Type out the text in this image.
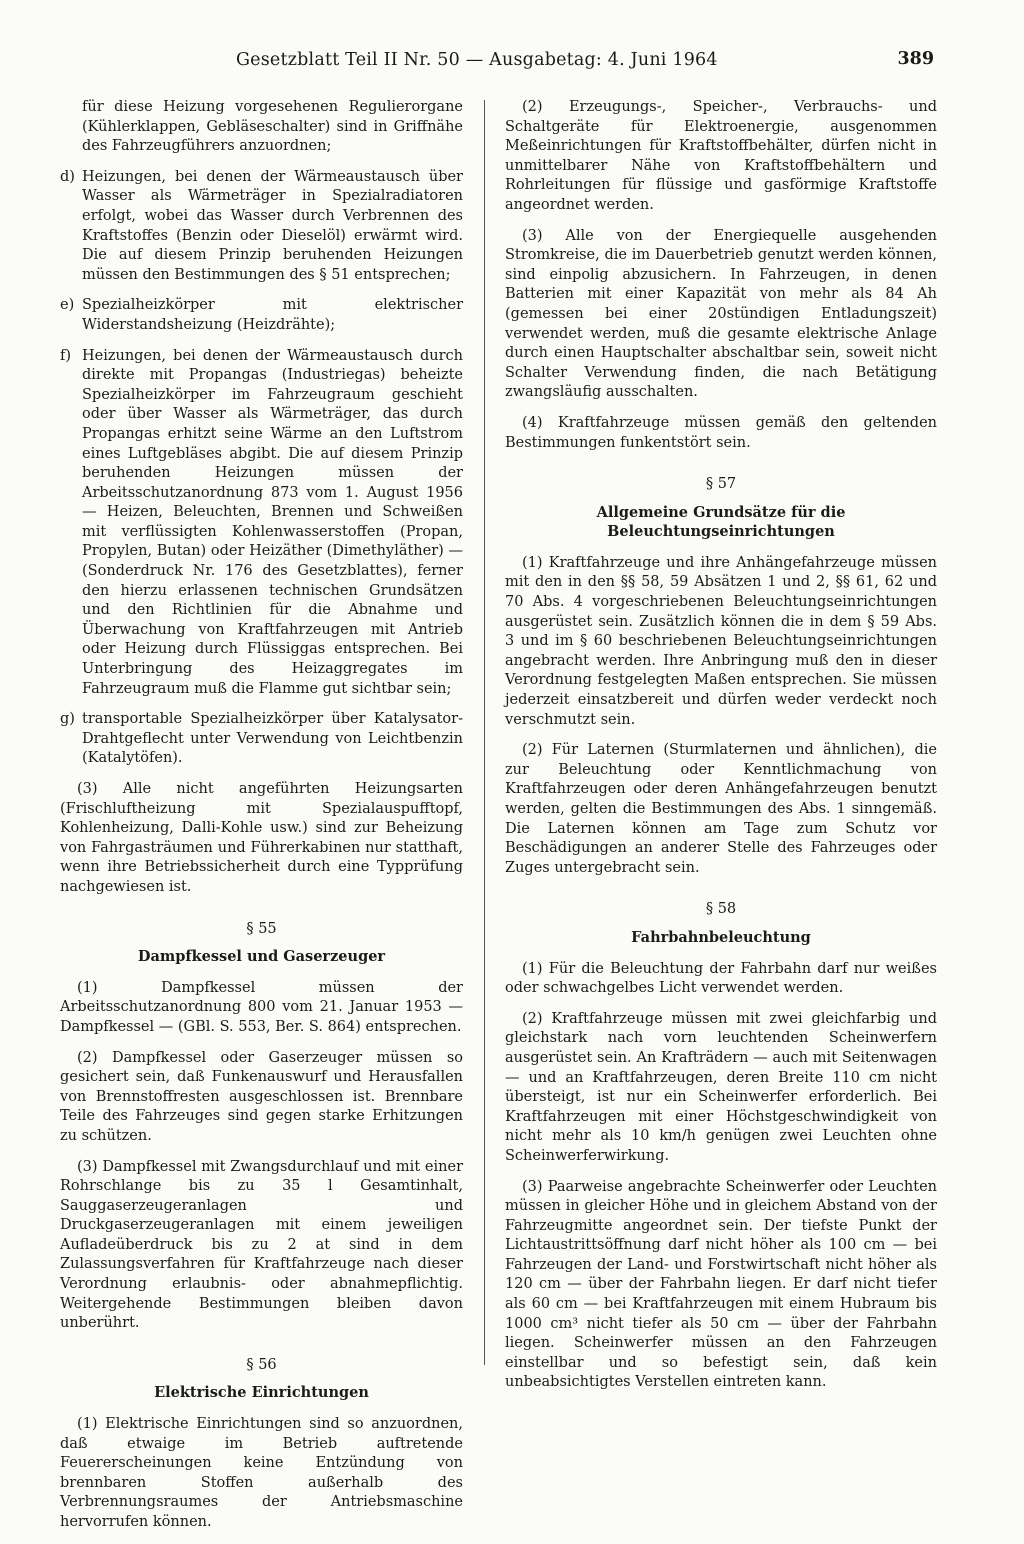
Gesetzblatt Teil II Nr. 50 — Ausgabetag: 4. Juni 1964	389

für diese Heizung vorgesehenen Regulierorgane (Kühlerklappen, Gebläseschalter) sind in Griffnähe des Fahrzeugführers anzuordnen;

d) Heizungen, bei denen der Wärmeaustausch über Wasser als Wärmeträger in Spezialradiatoren erfolgt, wobei das Wasser durch Verbrennen des Kraftstoffes (Benzin oder Dieselöl) erwärmt wird. Die auf diesem Prinzip beruhenden Heizungen müssen den Bestimmungen des § 51 entsprechen;
e) Spezialheizkörper mit elektrischer Widerstandsheizung (Heizdrähte);
f) Heizungen, bei denen der Wärmeaustausch durch direkte mit Propangas (Industriegas) beheizte Spezialheizkörper im Fahrzeugraum geschieht oder über Wasser als Wärmeträger, das durch Propangas erhitzt seine Wärme an den Luftstrom eines Luftgebläses abgibt. Die auf diesem Prinzip beruhenden Heizungen müssen der Arbeitsschutzanordnung 873 vom 1. August 1956 — Heizen, Beleuchten, Brennen und Schweißen mit verflüssigten Kohlenwasserstoffen (Propan, Propylen, Butan) oder Heizäther (Dimethyläther) — (Sonderdruck Nr. 176 des Gesetzblattes), ferner den hierzu erlassenen technischen Grundsätzen und den Richtlinien für die Abnahme und Überwachung von Kraftfahrzeugen mit Antrieb oder Heizung durch Flüssiggas entsprechen. Bei Unterbringung des Heizaggregates im Fahrzeugraum muß die Flamme gut sichtbar sein;
g) transportable Spezialheizkörper über Katalysator-Drahtgeflecht unter Verwendung von Leichtbenzin (Katalytöfen).

(3) Alle nicht angeführten Heizungsarten (Frischluftheizung mit Spezialauspufftopf, Kohlenheizung, Dalli-Kohle usw.) sind zur Beheizung von Fahrgasträumen und Führerkabinen nur statthaft, wenn ihre Betriebssicherheit durch eine Typprüfung nachgewiesen ist.

§ 55
Dampfkessel und Gaserzeuger

(1) Dampfkessel müssen der Arbeitsschutzanordnung 800 vom 21. Januar 1953 — Dampfkessel — (GBl. S. 553, Ber. S. 864) entsprechen.

(2) Dampfkessel oder Gaserzeuger müssen so gesichert sein, daß Funkenauswurf und Herausfallen von Brennstoffresten ausgeschlossen ist. Brennbare Teile des Fahrzeuges sind gegen starke Erhitzungen zu schützen.

(3) Dampfkessel mit Zwangsdurchlauf und mit einer Rohrschlange bis zu 35 l Gesamtinhalt, Sauggaserzeugeranlagen und Druckgaserzeugeranlagen mit einem jeweiligen Aufladeüberdruck bis zu 2 at sind in dem Zulassungsverfahren für Kraftfahrzeuge nach dieser Verordnung erlaubnis- oder abnahmepflichtig. Weitergehende Bestimmungen bleiben davon unberührt.

§ 56
Elektrische Einrichtungen

(1) Elektrische Einrichtungen sind so anzuordnen, daß etwaige im Betrieb auftretende Feuererscheinungen keine Entzündung von brennbaren Stoffen außerhalb des Verbrennungsraumes der Antriebsmaschine hervorrufen können.

(2) Erzeugungs-, Speicher-, Verbrauchs- und Schaltgeräte für Elektroenergie, ausgenommen Meßeinrichtungen für Kraftstoffbehälter, dürfen nicht in unmittelbarer Nähe von Kraftstoffbehältern und Rohrleitungen für flüssige und gasförmige Kraftstoffe angeordnet werden.

(3) Alle von der Energiequelle ausgehenden Stromkreise, die im Dauerbetrieb genutzt werden können, sind einpolig abzusichern. In Fahrzeugen, in denen Batterien mit einer Kapazität von mehr als 84 Ah (gemessen bei einer 20stündigen Entladungszeit) verwendet werden, muß die gesamte elektrische Anlage durch einen Hauptschalter abschaltbar sein, soweit nicht Schalter Verwendung finden, die nach Betätigung zwangsläufig ausschalten.

(4) Kraftfahrzeuge müssen gemäß den geltenden Bestimmungen funkentstört sein.

§ 57
Allgemeine Grundsätze für die Beleuchtungseinrichtungen

(1) Kraftfahrzeuge und ihre Anhängefahrzeuge müssen mit den in den §§ 58, 59 Absätzen 1 und 2, §§ 61, 62 und 70 Abs. 4 vorgeschriebenen Beleuchtungseinrichtungen ausgerüstet sein. Zusätzlich können die in dem § 59 Abs. 3 und im § 60 beschriebenen Beleuchtungseinrichtungen angebracht werden. Ihre Anbringung muß den in dieser Verordnung festgelegten Maßen entsprechen. Sie müssen jederzeit einsatzbereit und dürfen weder verdeckt noch verschmutzt sein.

(2) Für Laternen (Sturmlaternen und ähnlichen), die zur Beleuchtung oder Kenntlichmachung von Kraftfahrzeugen oder deren Anhängefahrzeugen benutzt werden, gelten die Bestimmungen des Abs. 1 sinngemäß. Die Laternen können am Tage zum Schutz vor Beschädigungen an anderer Stelle des Fahrzeuges oder Zuges untergebracht sein.

§ 58
Fahrbahnbeleuchtung

(1) Für die Beleuchtung der Fahrbahn darf nur weißes oder schwachgelbes Licht verwendet werden.

(2) Kraftfahrzeuge müssen mit zwei gleichfarbig und gleichstark nach vorn leuchtenden Scheinwerfern ausgerüstet sein. An Krafträdern — auch mit Seitenwagen — und an Kraftfahrzeugen, deren Breite 110 cm nicht übersteigt, ist nur ein Scheinwerfer erforderlich. Bei Kraftfahrzeugen mit einer Höchstgeschwindigkeit von nicht mehr als 10 km/h genügen zwei Leuchten ohne Scheinwerferwirkung.

(3) Paarweise angebrachte Scheinwerfer oder Leuchten müssen in gleicher Höhe und in gleichem Abstand von der Fahrzeugmitte angeordnet sein. Der tiefste Punkt der Lichtaustrittsöffnung darf nicht höher als 100 cm — bei Fahrzeugen der Land- und Forstwirtschaft nicht höher als 120 cm — über der Fahrbahn liegen. Er darf nicht tiefer als 60 cm — bei Kraftfahrzeugen mit einem Hubraum bis 1000 cm³ nicht tiefer als 50 cm — über der Fahrbahn liegen. Scheinwerfer müssen an den Fahrzeugen einstellbar und so befestigt sein, daß kein unbeabsichtigtes Verstellen eintreten kann.
